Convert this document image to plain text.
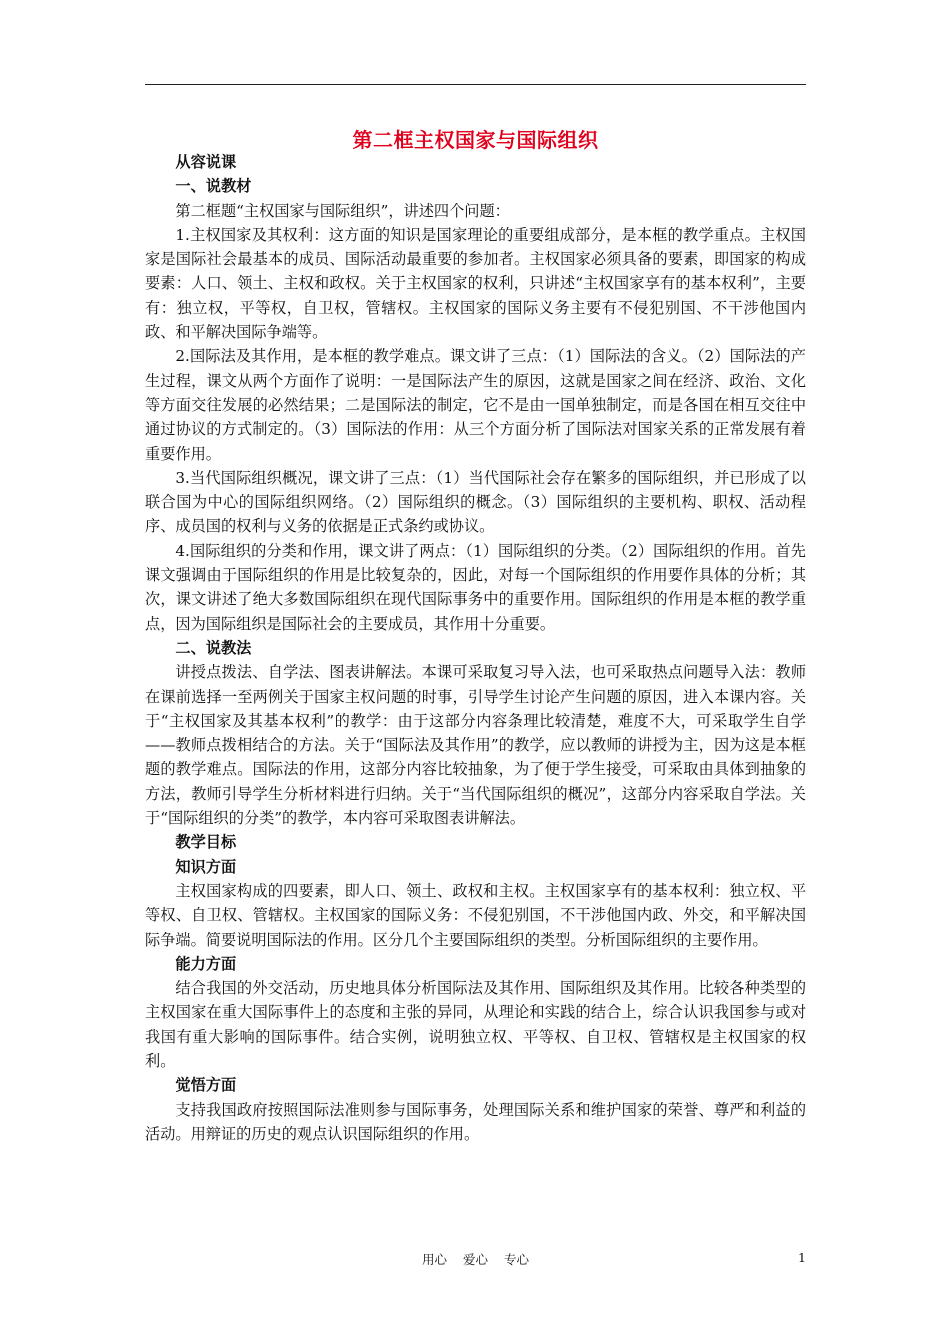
第二框主权国家与国际组织
从容说课
一、说教材

第二框题“主权国家与国际组织”，讲述四个问题：

1.主权国家及其权利：这方面的知识是国家理论的重要组成部分，是本框的教学重点。主权国家是国际社会最基本的成员、国际活动最重要的参加者。主权国家必须具备的要素，即国家的构成要素：人口、领土、主权和政权。关于主权国家的权利，只讲述“主权国家享有的基本权利”，主要有：独立权，平等权，自卫权，管辖权。主权国家的国际义务主要有不侵犯别国、不干涉他国内政、和平解决国际争端等。

2.国际法及其作用，是本框的教学难点。课文讲了三点：（1）国际法的含义。（2）国际法的产生过程，课文从两个方面作了说明：一是国际法产生的原因，这就是国家之间在经济、政治、文化等方面交往发展的必然结果；二是国际法的制定，它不是由一国单独制定，而是各国在相互交往中通过协议的方式制定的。（3）国际法的作用：从三个方面分析了国际法对国家关系的正常发展有着重要作用。

3.当代国际组织概况，课文讲了三点：（1）当代国际社会存在繁多的国际组织，并已形成了以联合国为中心的国际组织网络。（2）国际组织的概念。（3）国际组织的主要机构、职权、活动程序、成员国的权利与义务的依据是正式条约或协议。

4.国际组织的分类和作用，课文讲了两点：（1）国际组织的分类。（2）国际组织的作用。首先课文强调由于国际组织的作用是比较复杂的，因此，对每一个国际组织的作用要作具体的分析；其次，课文讲述了绝大多数国际组织在现代国际事务中的重要作用。国际组织的作用是本框的教学重点，因为国际组织是国际社会的主要成员，其作用十分重要。

二、说教法

讲授点拨法、自学法、图表讲解法。本课可采取复习导入法，也可采取热点问题导入法：教师在课前选择一至两例关于国家主权问题的时事，引导学生讨论产生问题的原因，进入本课内容。关于“主权国家及其基本权利”的教学：由于这部分内容条理比较清楚，难度不大，可采取学生自学——教师点拨相结合的方法。关于“国际法及其作用”的教学，应以教师的讲授为主，因为这是本框题的教学难点。国际法的作用，这部分内容比较抽象，为了便于学生接受，可采取由具体到抽象的方法，教师引导学生分析材料进行归纳。关于“当代国际组织的概况”，这部分内容采取自学法。关于“国际组织的分类”的教学，本内容可采取图表讲解法。

教学目标
知识方面

主权国家构成的四要素，即人口、领土、政权和主权。主权国家享有的基本权利：独立权、平等权、自卫权、管辖权。主权国家的国际义务：不侵犯别国，不干涉他国内政、外交，和平解决国际争端。简要说明国际法的作用。区分几个主要国际组织的类型。分析国际组织的主要作用。

能力方面

结合我国的外交活动，历史地具体分析国际法及其作用、国际组织及其作用。比较各种类型的主权国家在重大国际事件上的态度和主张的异同，从理论和实践的结合上，综合认识我国参与或对我国有重大影响的国际事件。结合实例，说明独立权、平等权、自卫权、管辖权是主权国家的权利。

觉悟方面

支持我国政府按照国际法准则参与国际事务，处理国际关系和维护国家的荣誉、尊严和利益的活动。用辩证的历史的观点认识国际组织的作用。

用心 爱心 专心	1
